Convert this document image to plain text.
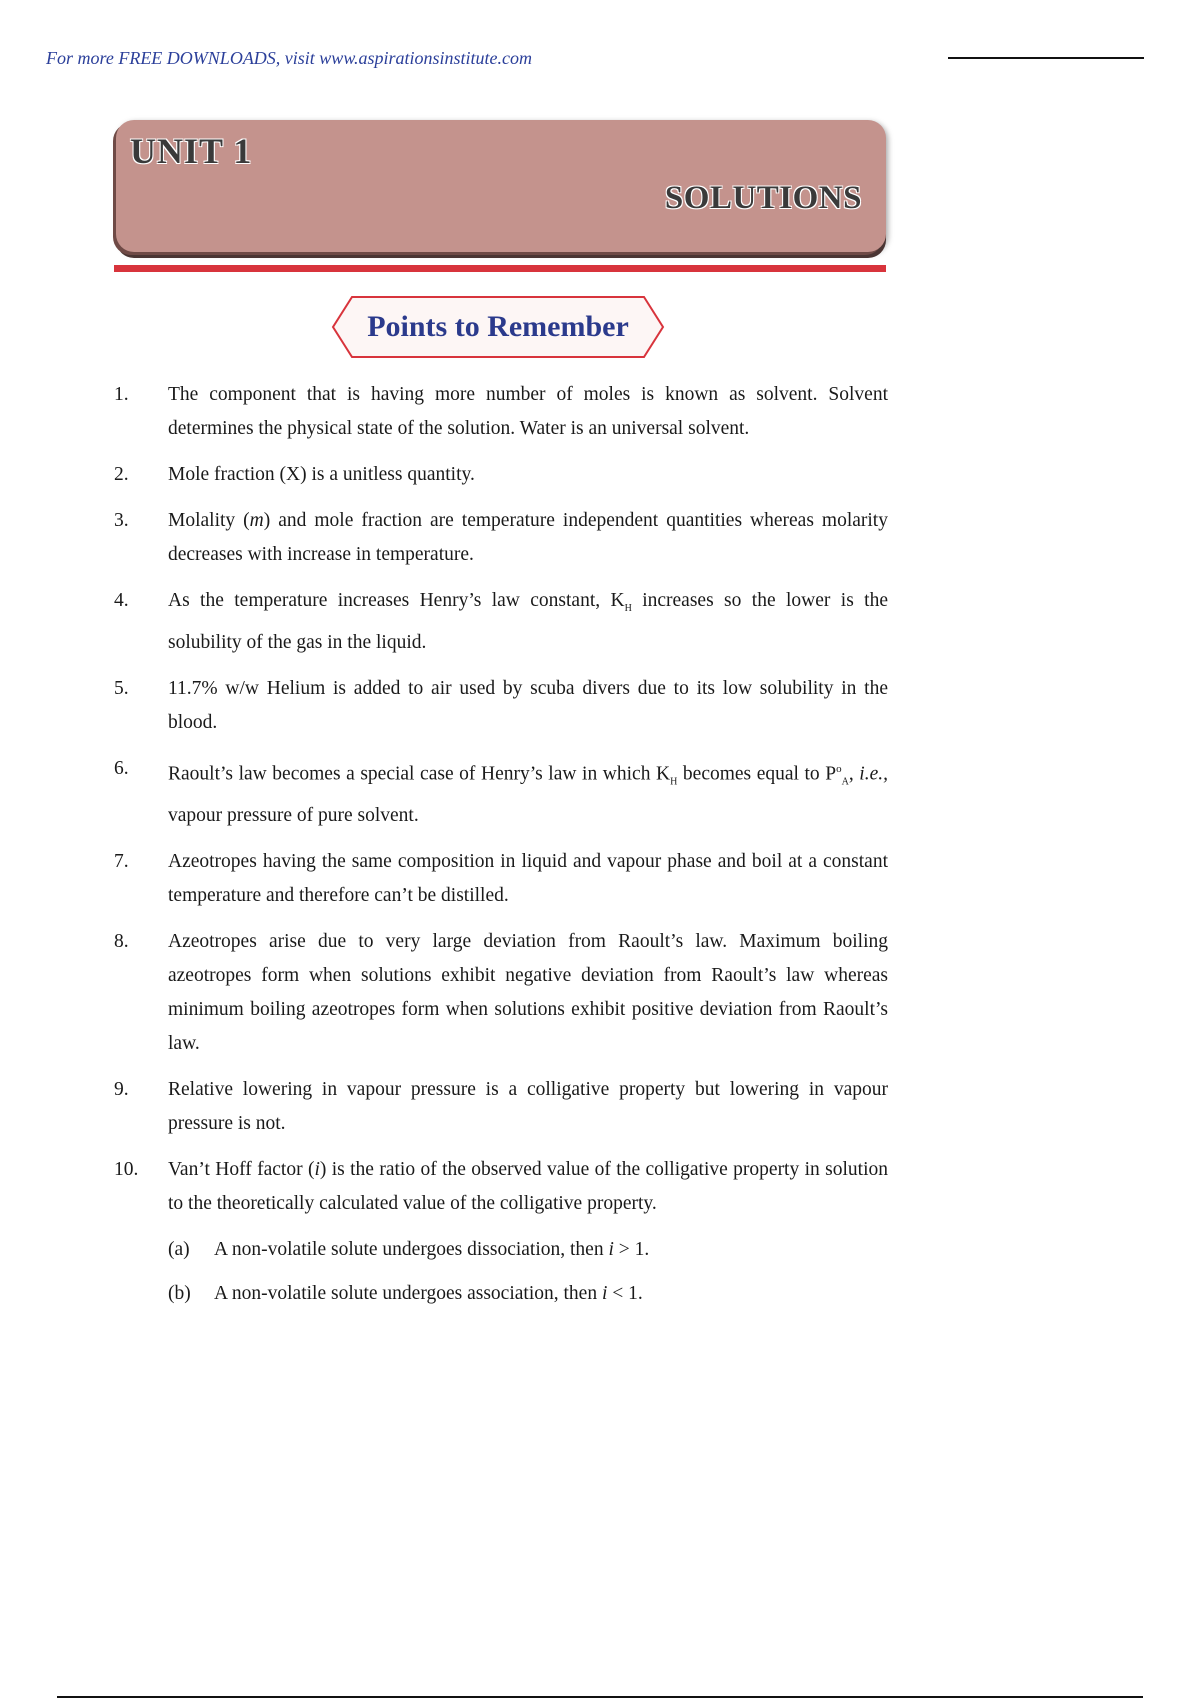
For more FREE DOWNLOADS, visit www.aspirationsinstitute.com
UNIT 1
SOLUTIONS
Points to Remember
1. The component that is having more number of moles is known as solvent. Solvent determines the physical state of the solution. Water is an universal solvent.
2. Mole fraction (X) is a unitless quantity.
3. Molality (m) and mole fraction are temperature independent quantities whereas molarity decreases with increase in temperature.
4. As the temperature increases Henry’s law constant, $K_H$ increases so the lower is the solubility of the gas in the liquid.
5. 11.7% w/w Helium is added to air used by scuba divers due to its low solubility in the blood.
6. Raoult’s law becomes a special case of Henry’s law in which $K_H$ becomes equal to $P^o_A$, i.e., vapour pressure of pure solvent.
7. Azeotropes having the same composition in liquid and vapour phase and boil at a constant temperature and therefore can’t be distilled.
8. Azeotropes arise due to very large deviation from Raoult’s law. Maximum boiling azeotropes form when solutions exhibit negative deviation from Raoult’s law whereas minimum boiling azeotropes form when solutions exhibit positive deviation from Raoult’s law.
9. Relative lowering in vapour pressure is a colligative property but lowering in vapour pressure is not.
10. Van’t Hoff factor (i) is the ratio of the observed value of the colligative property in solution to the theoretically calculated value of the colligative property.
(a) A non-volatile solute undergoes dissociation, then i > 1.
(b) A non-volatile solute undergoes association, then i < 1.
